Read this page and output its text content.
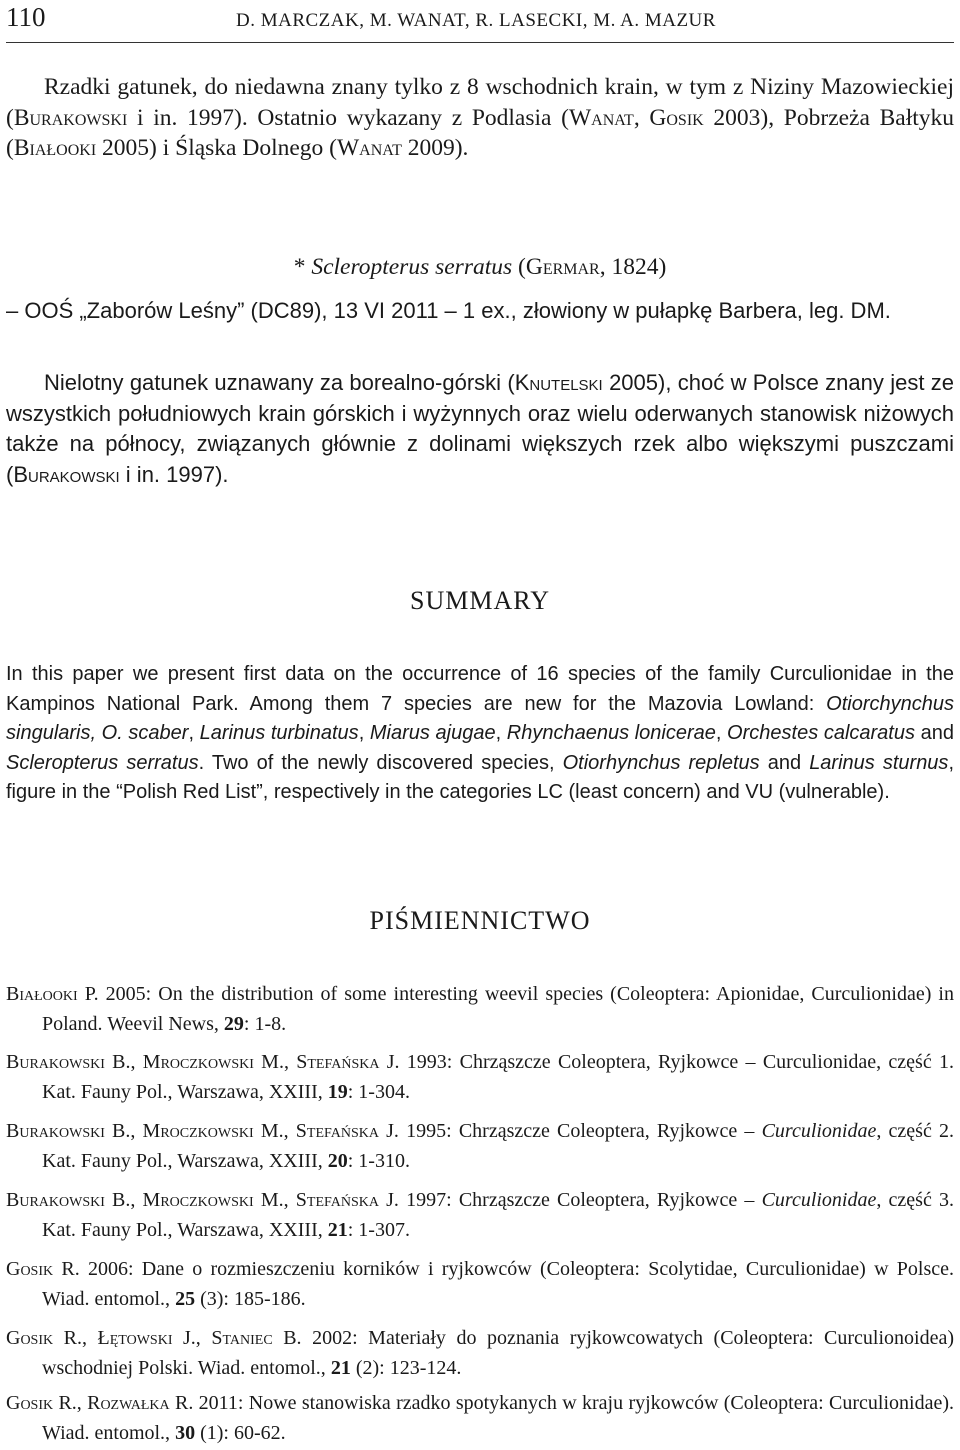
110	D. MARCZAK, M. WANAT, R. LASECKI, M. A. MAZUR
Rzadki gatunek, do niedawna znany tylko z 8 wschodnich krain, w tym z Niziny Mazowieckiej (Burakowski i in. 1997). Ostatnio wykazany z Podlasia (Wanat, Gosik 2003), Pobrzeża Bałtyku (Białooki 2005) i Śląska Dolnego (Wanat 2009).
* Scleropterus serratus (Germar, 1824)
– OOŚ „Zaborów Leśny” (DC89), 13 VI 2011 – 1 ex., złowiony w pułapkę Barbera, leg. DM.
Nielotny gatunek uznawany za borealno-górski (Knutelski 2005), choć w Polsce znany jest ze wszystkich południowych krain górskich i wyżynnych oraz wielu oderwanych stanowisk niżowych także na północy, związanych głównie z dolinami większych rzek albo większymi puszczami (Burakowski i in. 1997).
SUMMARY
In this paper we present first data on the occurrence of 16 species of the family Curculionidae in the Kampinos National Park. Among them 7 species are new for the Mazovia Lowland: Otiorchynchus singularis, O. scaber, Larinus turbinatus, Miarus ajugae, Rhynchaenus lonicerae, Orchestes calcaratus and Scleropterus serratus. Two of the newly discovered species, Otiorhynchus repletus and Larinus sturnus, figure in the “Polish Red List”, respectively in the categories LC (least concern) and VU (vulnerable).
PIŚMIENNICTWO
Białooki P. 2005: On the distribution of some interesting weevil species (Coleoptera: Apionidae, Curculionidae) in Poland. Weevil News, 29: 1-8.
Burakowski B., Mroczkowski M., Stefańska J. 1993: Chrząszcze Coleoptera, Ryjkowce – Curculionidae, część 1. Kat. Fauny Pol., Warszawa, XXIII, 19: 1-304.
Burakowski B., Mroczkowski M., Stefańska J. 1995: Chrząszcze Coleoptera, Ryjkowce – Curculionidae, część 2. Kat. Fauny Pol., Warszawa, XXIII, 20: 1-310.
Burakowski B., Mroczkowski M., Stefańska J. 1997: Chrząszcze Coleoptera, Ryjkowce – Curculionidae, część 3. Kat. Fauny Pol., Warszawa, XXIII, 21: 1-307.
Gosik R. 2006: Dane o rozmieszczeniu korników i ryjkowców (Coleoptera: Scolytidae, Curculionidae) w Polsce. Wiad. entomol., 25 (3): 185-186.
Gosik R., Łętowski J., Staniec B. 2002: Materiały do poznania ryjkowcowatych (Coleoptera: Curculionoidea) wschodniej Polski. Wiad. entomol., 21 (2): 123-124.
Gosik R., Rozwałka R. 2011: Nowe stanowiska rzadko spotykanych w kraju ryjkowców (Coleoptera: Curculionidae). Wiad. entomol., 30 (1): 60-62.
